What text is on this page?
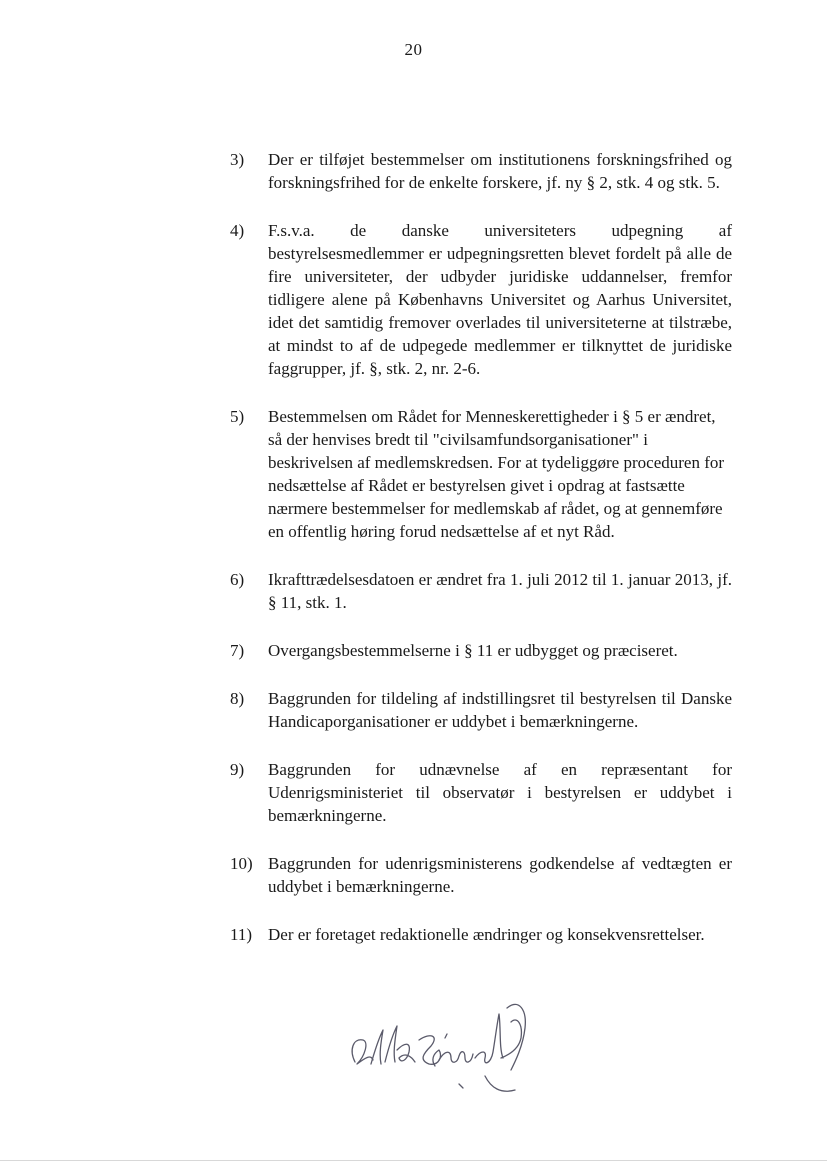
20
3) Der er tilføjet bestemmelser om institutionens forskningsfrihed og forskningsfrihed for de enkelte forskere, jf. ny § 2, stk. 4 og stk. 5.
4) F.s.v.a. de danske universiteters udpegning af bestyrelsesmedlemmer er udpegningsretten blevet fordelt på alle de fire universiteter, der udbyder juridiske uddannelser, fremfor tidligere alene på Københavns Universitet og Aarhus Universitet, idet det samtidig fremover overlades til universiteterne at tilstræbe, at mindst to af de udpegede medlemmer er tilknyttet de juridiske faggrupper, jf. §, stk. 2, nr. 2-6.
5) Bestemmelsen om Rådet for Menneskerettigheder i § 5 er ændret, så der henvises bredt til "civilsamfundsorganisationer" i beskrivelsen af medlemskredsen. For at tydeliggøre proceduren for nedsættelse af Rådet er bestyrelsen givet i opdrag at fastsætte nærmere bestemmelser for medlemskab af rådet, og at gennemføre en offentlig høring forud nedsættelse af et nyt Råd.
6) Ikrafttrædelsesdatoen er ændret fra 1. juli 2012 til 1. januar 2013, jf. § 11, stk. 1.
7) Overgangsbestemmelserne i § 11 er udbygget og præciseret.
8) Baggrunden for tildeling af indstillingsret til bestyrelsen til Danske Handicaporganisationer er uddybet i bemærkningerne.
9) Baggrunden for udnævnelse af en repræsentant for Udenrigsministeriet til observatør i bestyrelsen er uddybet i bemærkningerne.
10) Baggrunden for udenrigsministerens godkendelse af vedtægten er uddybet i bemærkningerne.
11) Der er foretaget redaktionelle ændringer og konsekvensrettelser.
